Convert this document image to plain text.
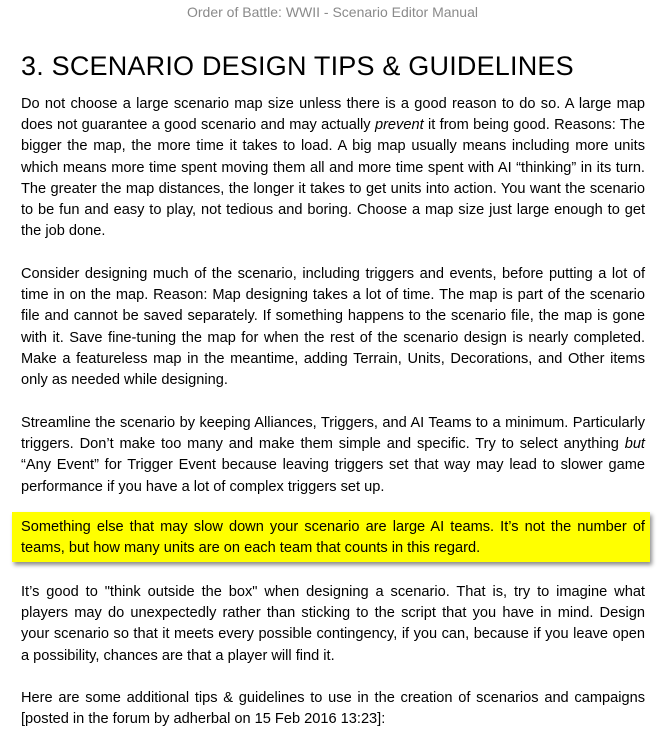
Order of Battle: WWII - Scenario Editor Manual
3. SCENARIO DESIGN TIPS & GUIDELINES

Do not choose a large scenario map size unless there is a good reason to do so. A large map does not guarantee a good scenario and may actually prevent it from being good. Reasons: The bigger the map, the more time it takes to load. A big map usually means including more units which means more time spent moving them all and more time spent with AI “thinking” in its turn. The greater the map distances, the longer it takes to get units into action. You want the scenario to be fun and easy to play, not tedious and boring. Choose a map size just large enough to get the job done.

Consider designing much of the scenario, including triggers and events, before putting a lot of time in on the map. Reason: Map designing takes a lot of time. The map is part of the scenario file and cannot be saved separately. If something happens to the scenario file, the map is gone with it. Save fine-tuning the map for when the rest of the scenario design is nearly completed. Make a featureless map in the meantime, adding Terrain, Units, Decorations, and Other items only as needed while designing.

Streamline the scenario by keeping Alliances, Triggers, and AI Teams to a minimum. Particularly triggers. Don’t make too many and make them simple and specific. Try to select anything but “Any Event” for Trigger Event because leaving triggers set that way may lead to slower game performance if you have a lot of complex triggers set up.

Something else that may slow down your scenario are large AI teams. It’s not the number of teams, but how many units are on each team that counts in this regard.

It’s good to "think outside the box" when designing a scenario. That is, try to imagine what players may do unexpectedly rather than sticking to the script that you have in mind. Design your scenario so that it meets every possible contingency, if you can, because if you leave open a possibility, chances are that a player will find it.

Here are some additional tips & guidelines to use in the creation of scenarios and campaigns [posted in the forum by adherbal on 15 Feb 2016 13:23]:
